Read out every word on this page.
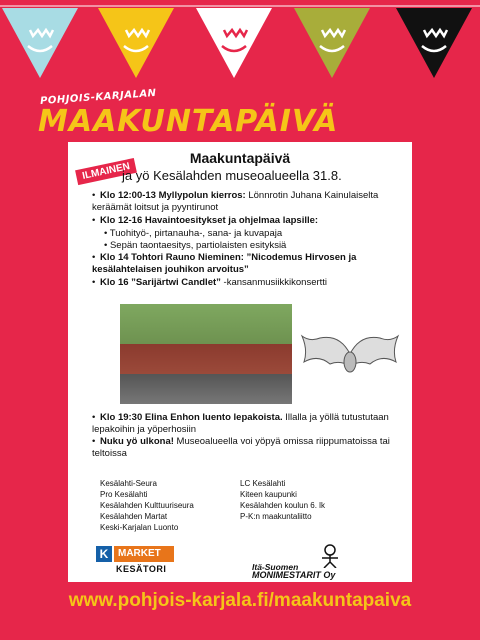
POHJOIS-KARJALAN
MAAKUNTAPÄIVÄ
Maakuntapäivä
ILMAINEN
ja yö Kesälahden museoalueella 31.8.
• Klo 12:00-13 Myllypolun kierros: Lönnrotin Juhana Kainulaiselta keräämät loitsut ja pyyntirunot
• Klo 12-16 Havaintoesitykset ja ohjelmaa lapsille:
• Tuohityö-, pirtanauha-, sana- ja kuvapaja
• Sepän taontaesitys, partiolaisten esityksiä
• Klo 14 Tohtori Rauno Nieminen: ”Nicodemus Hirvosen ja kesälahtelaisen jouhikon arvoitus”
• Klo 16 ”Sarijärtwi Candlet” -kansanmusiikkikonsertti
• Klo 19:30 Elina Enhon luento lepakoista. Illalla ja yöllä tutustutaan lepakoihin ja yöperhosiin
• Nuku yö ulkona! Museoalueella voi yöpyä omissa riippumatoissa tai teltoissa
Kesälahti-Seura
Pro Kesälahti
Kesälahden Kulttuuriseura
Kesälahden Martat
Keski-Karjalan Luonto
LC Kesälahti
Kiteen kaupunki
Kesälahden koulun 6. lk
P-K:n maakuntaliitto
K MARKET
KESÄTORI	Itä-Suomen
MONIMESTARIT Oy
www.pohjois-karjala.fi/maakuntapaiva
